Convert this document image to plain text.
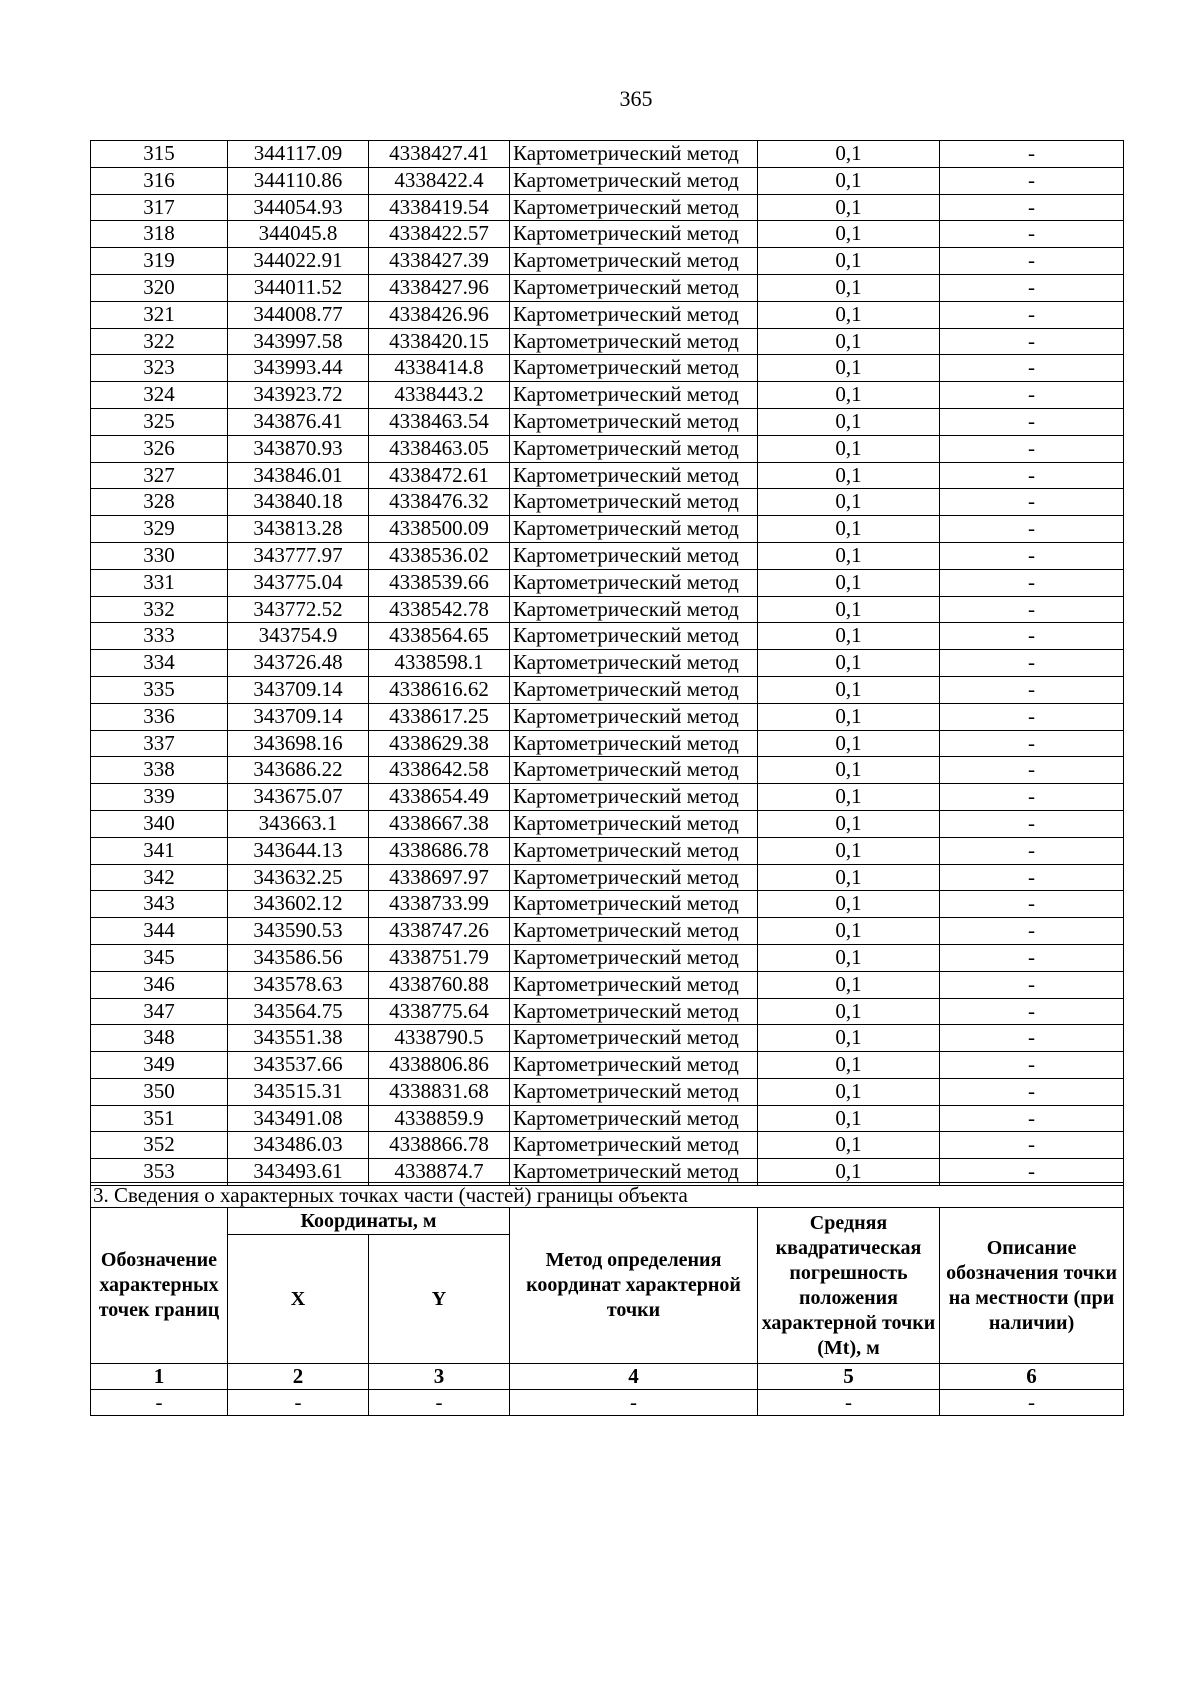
365
315	344117.09	4338427.41	Картометрический метод	0,1	-
316	344110.86	4338422.4	Картометрический метод	0,1	-
317	344054.93	4338419.54	Картометрический метод	0,1	-
318	344045.8	4338422.57	Картометрический метод	0,1	-
319	344022.91	4338427.39	Картометрический метод	0,1	-
320	344011.52	4338427.96	Картометрический метод	0,1	-
321	344008.77	4338426.96	Картометрический метод	0,1	-
322	343997.58	4338420.15	Картометрический метод	0,1	-
323	343993.44	4338414.8	Картометрический метод	0,1	-
324	343923.72	4338443.2	Картометрический метод	0,1	-
325	343876.41	4338463.54	Картометрический метод	0,1	-
326	343870.93	4338463.05	Картометрический метод	0,1	-
327	343846.01	4338472.61	Картометрический метод	0,1	-
328	343840.18	4338476.32	Картометрический метод	0,1	-
329	343813.28	4338500.09	Картометрический метод	0,1	-
330	343777.97	4338536.02	Картометрический метод	0,1	-
331	343775.04	4338539.66	Картометрический метод	0,1	-
332	343772.52	4338542.78	Картометрический метод	0,1	-
333	343754.9	4338564.65	Картометрический метод	0,1	-
334	343726.48	4338598.1	Картометрический метод	0,1	-
335	343709.14	4338616.62	Картометрический метод	0,1	-
336	343709.14	4338617.25	Картометрический метод	0,1	-
337	343698.16	4338629.38	Картометрический метод	0,1	-
338	343686.22	4338642.58	Картометрический метод	0,1	-
339	343675.07	4338654.49	Картометрический метод	0,1	-
340	343663.1	4338667.38	Картометрический метод	0,1	-
341	343644.13	4338686.78	Картометрический метод	0,1	-
342	343632.25	4338697.97	Картометрический метод	0,1	-
343	343602.12	4338733.99	Картометрический метод	0,1	-
344	343590.53	4338747.26	Картометрический метод	0,1	-
345	343586.56	4338751.79	Картометрический метод	0,1	-
346	343578.63	4338760.88	Картометрический метод	0,1	-
347	343564.75	4338775.64	Картометрический метод	0,1	-
348	343551.38	4338790.5	Картометрический метод	0,1	-
349	343537.66	4338806.86	Картометрический метод	0,1	-
350	343515.31	4338831.68	Картометрический метод	0,1	-
351	343491.08	4338859.9	Картометрический метод	0,1	-
352	343486.03	4338866.78	Картометрический метод	0,1	-
353	343493.61	4338874.7	Картометрический метод	0,1	-
3. Сведения о характерных точках части (частей) границы объекта					
Обозначение характерных точек границ	Координаты, м		Метод определения координат характерной точки	Средняя квадратическая погрешность положения характерной точки (Mt), м	Описание обозначения точки на местности (при наличии)
	X	Y			
1	2	3	4	5	6
-	-	-	-	-	-
